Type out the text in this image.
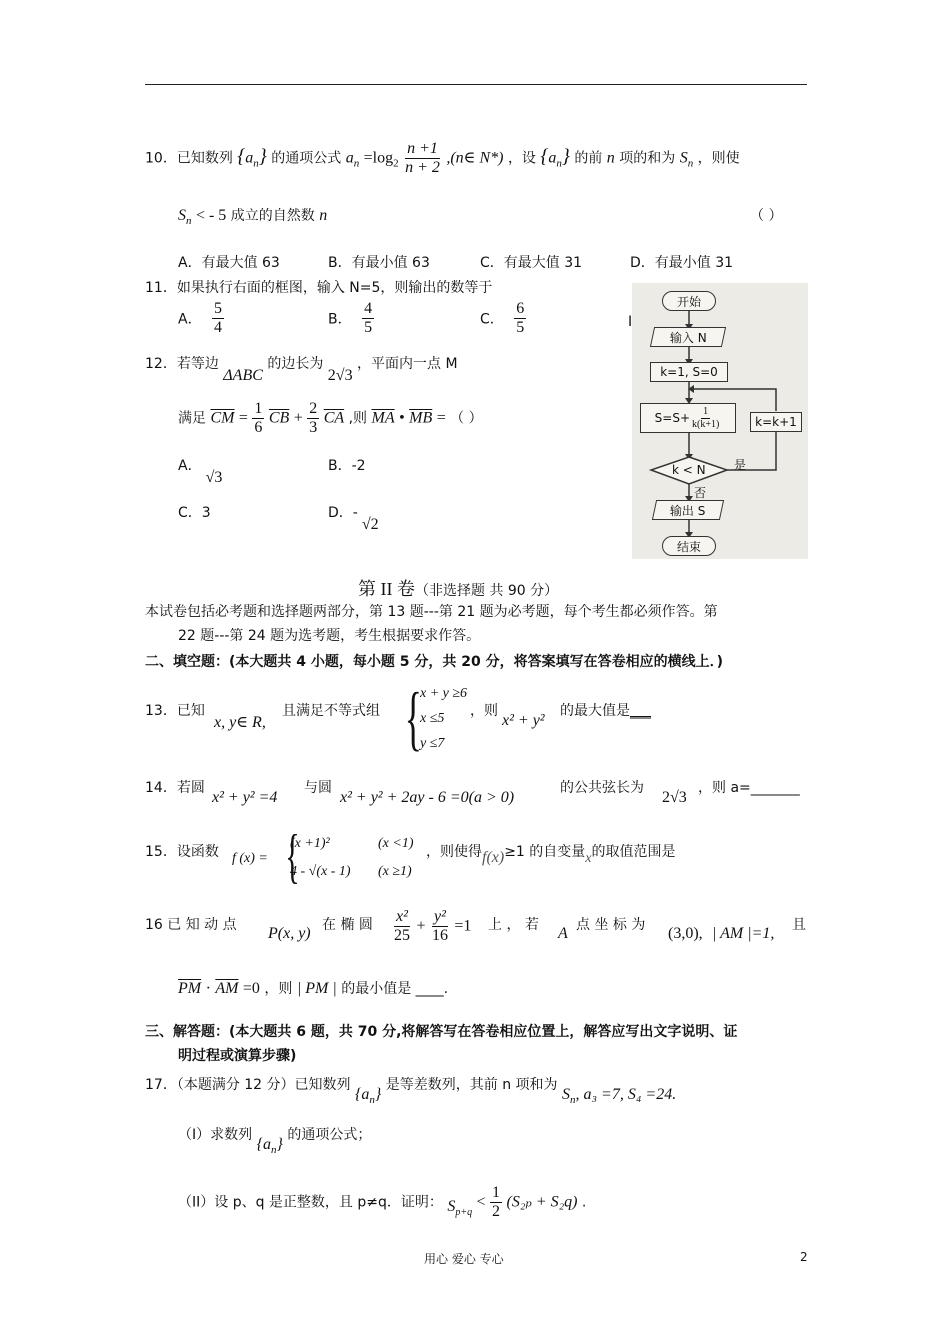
10．已知数列 $\{a_n\}$ 的通项公式 $a_n =\log_2 \frac{n +1}{n + 2}$ ,(n∈ N*) ，设 $\{a_n\}$ 的前 n 项的和为 $S_n$ ，则使
$S_n$ < - 5 成立的自然数 n	（ ）
A．有最大值 63	B．有最小值 63	C．有最大值 31	D．有最小值 31
11．如果执行右面的框图，输入 N=5，则输出的数等于
A． $\frac{5}{4}$	B． $\frac{4}{5}$	C． $\frac{6}{5}$	I
12．若等边 ΔABC 的边长为 2√3 ，平面内一点 M
满足 $\overline{CM} = \frac{1}{6} \overline{CB} + \frac{2}{3} \overline{CA}$ ,则 $\overline{MA}$ • $\overline{MB}$ = （ ）
A．√3
B．-2
C．3	D．-√2
开始
输入 N
k=1, S=0
$S=S+ \frac{1}{k(k+1)}$
k < N 是
否
k=k+1
输出 S
结束
第 II 卷（非选择题 共 90 分）
本试卷包括必考题和选择题两部分，第 13 题---第 21 题为必考题，每个考生都必须作答。第
22 题---第 24 题为选考题，考生根据要求作答。
二、填空题：(本大题共 4 小题，每小题 5 分，共 20 分，将答案填写在答卷相应的横线上．)
13．已知
x, y∈ R,
且满足不等式组 {
x + y ≥6
x ≤5
y ≤7
，则
x² + y²
的最大值是___
14．若圆
x² + y² =4
与圆
x² + y² + 2ay - 6 =0(a > 0)
的公共弦长为
2√3
，则 a=_______
15．设函数 f (x) = {
(x +1)²	(x <1)
4 - √(x - 1) (x ≥1)
，则使得f(x)≥1 的自变量x的取值范围是
16 已 知 动 点 P(x, y) 在 椭 圆 $\frac{\text{x²}}{25} + \frac{\text{y²}}{16} =1$ 上 ， 若 A 点 坐 标 为 (3,0), | AM |=1, 且
$\overline{PM} \cdot \overline{AM} =0$ ，则 | PM | 的最小值是 ____.
三、解答题：(本大题共 6 题，共 70 分,将解答写在答卷相应位置上，解答应写出文字说明、证
明过程或演算步骤)
17．（本题满分 12 分）已知数列 $\{a_n\}$ 是等差数列，其前 n 项和为 $S_n$, a₃ =7, S₄ =24.
（I）求数列 $\{a_n\}$ 的通项公式；
（II）设 p、q 是正整数，且 p≠q．证明： $S_{p+q} < \frac{1}{2} (S_{2p} + S_2q)$ .
用心 爱心 专心	2
